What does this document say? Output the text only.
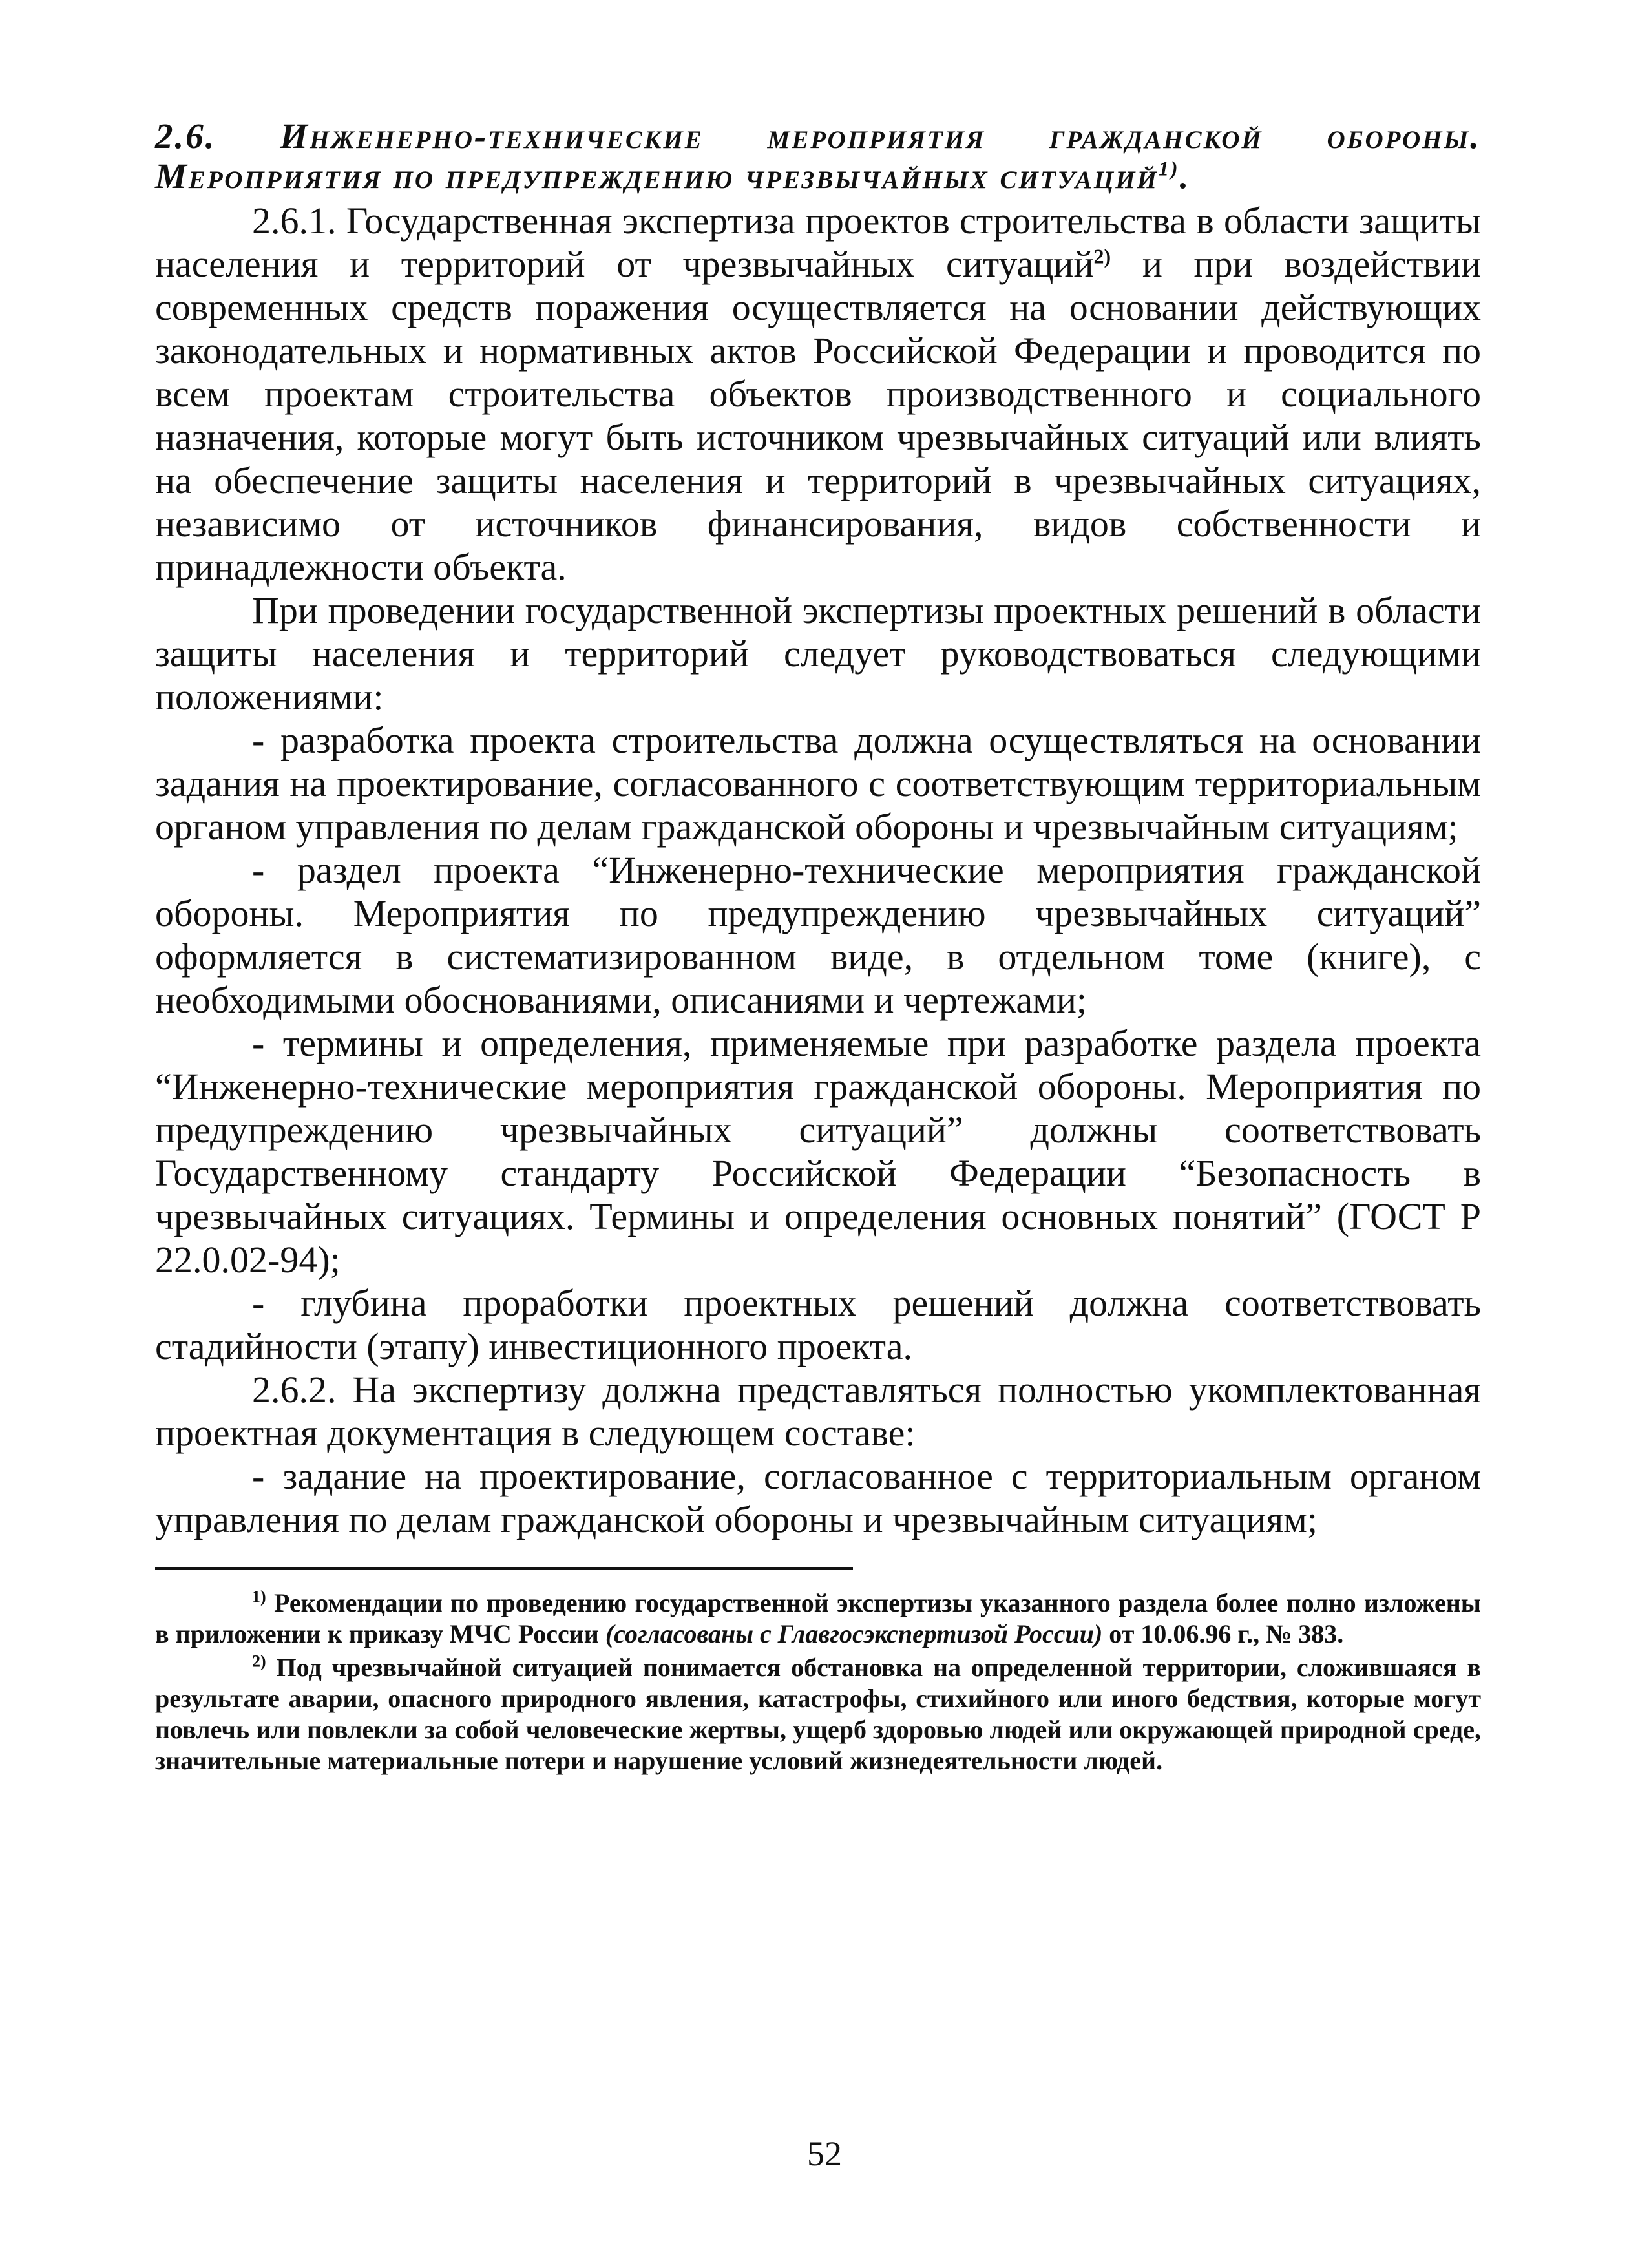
2.6. Инженерно-технические мероприятия гражданской обороны. Мероприятия по предупреждению чрезвычайных ситуаций$^{1)}$.

2.6.1. Государственная экспертиза проектов строительства в области защиты населения и территорий от чрезвычайных ситуаций$^{2)}$ и при воздействии современных средств поражения осуществляется на основании действующих законодательных и нормативных актов Российской Федерации и проводится по всем проектам строительства объектов производственного и социального назначения, которые могут быть источником чрезвычайных ситуаций или влиять на обеспечение защиты населения и территорий в чрезвычайных ситуациях, независимо от источников финансирования, видов собственности и принадлежности объекта.

При проведении государственной экспертизы проектных решений в области защиты населения и территорий следует руководствоваться следующими положениями:

- разработка проекта строительства должна осуществляться на основании задания на проектирование, согласованного с соответствующим территориальным органом управления по делам гражданской обороны и чрезвычайным ситуациям;

- раздел проекта “Инженерно-технические мероприятия гражданской обороны. Мероприятия по предупреждению чрезвычайных ситуаций” оформляется в систематизированном виде, в отдельном томе (книге), с необходимыми обоснованиями, описаниями и чертежами;

- термины и определения, применяемые при разработке раздела проекта “Инженерно-технические мероприятия гражданской обороны. Мероприятия по предупреждению чрезвычайных ситуаций” должны соответствовать Государственному стандарту Российской Федерации “Безопасность в чрезвычайных ситуациях. Термины и определения основных понятий” (ГОСТ Р 22.0.02-94);

- глубина проработки проектных решений должна соответствовать стадийности (этапу) инвестиционного проекта.

2.6.2. На экспертизу должна представляться полностью укомплектованная проектная документация в следующем составе:

- задание на проектирование, согласованное с территориальным органом управления по делам гражданской обороны и чрезвычайным ситуациям;

$^{1)}$ Рекомендации по проведению государственной экспертизы указанного раздела более полно изложены в приложении к приказу МЧС России (согласованы с Главгосэкспертизой России) от 10.06.96 г., № 383.

$^{2)}$ Под чрезвычайной ситуацией понимается обстановка на определенной территории, сложившаяся в результате аварии, опасного природного явления, катастрофы, стихийного или иного бедствия, которые могут повлечь или повлекли за собой человеческие жертвы, ущерб здоровью людей или окружающей природной среде, значительные материальные потери и нарушение условий жизнедеятельности людей.

52
